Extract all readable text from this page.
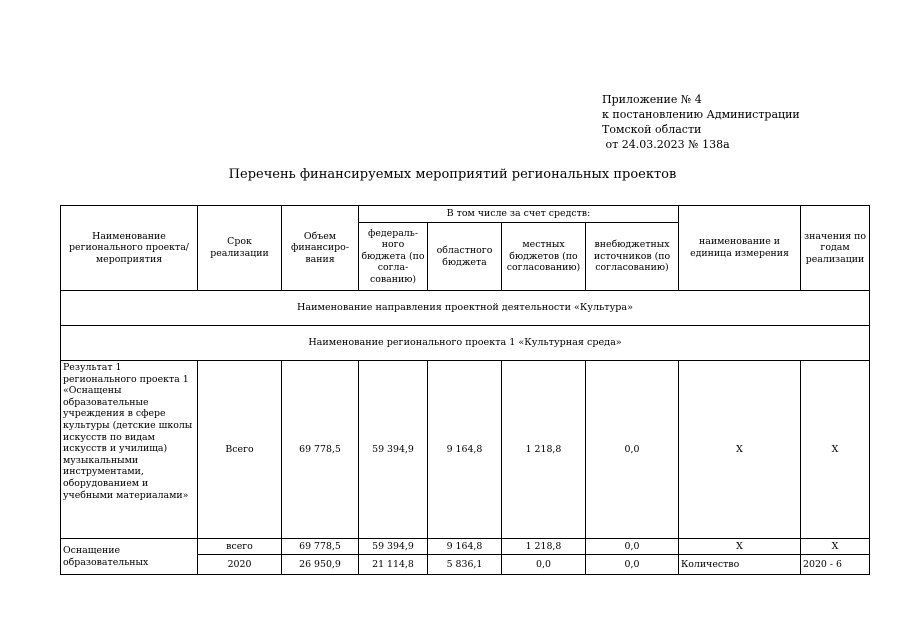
Приложение № 4
к постановлению Администрации
Томской области
от 24.03.2023 № 138а
Перечень финансируемых мероприятий региональных проектов
Наименование регионального проекта/ мероприятия	Срок реализации	Объем финансиро-вания	В том числе за счет средств:				наименование и единица измерения	значения по годам реализации
			федераль-ного бюджета (по согла-сованию)	областного бюджета	местных бюджетов (по согласованию)	внебюджетных источников (по согласованию)		
Наименование направления проектной деятельности «Культура»								
Наименование регионального проекта 1 «Культурная среда»								
Результат 1 регионального проекта 1 «Оснащены образовательные учреждения в сфере культуры (детские школы искусств по видам искусств и училища) музыкальными инструментами, оборудованием и учебными материалами»	Всего	69 778,5	59 394,9	9 164,8	1 218,8	0,0	Х	Х
Оснащение образовательных	всего	69 778,5	59 394,9	9 164,8	1 218,8	0,0	Х	Х
	2020	26 950,9	21 114,8	5 836,1	0,0	0,0	Количество	2020 - 6
